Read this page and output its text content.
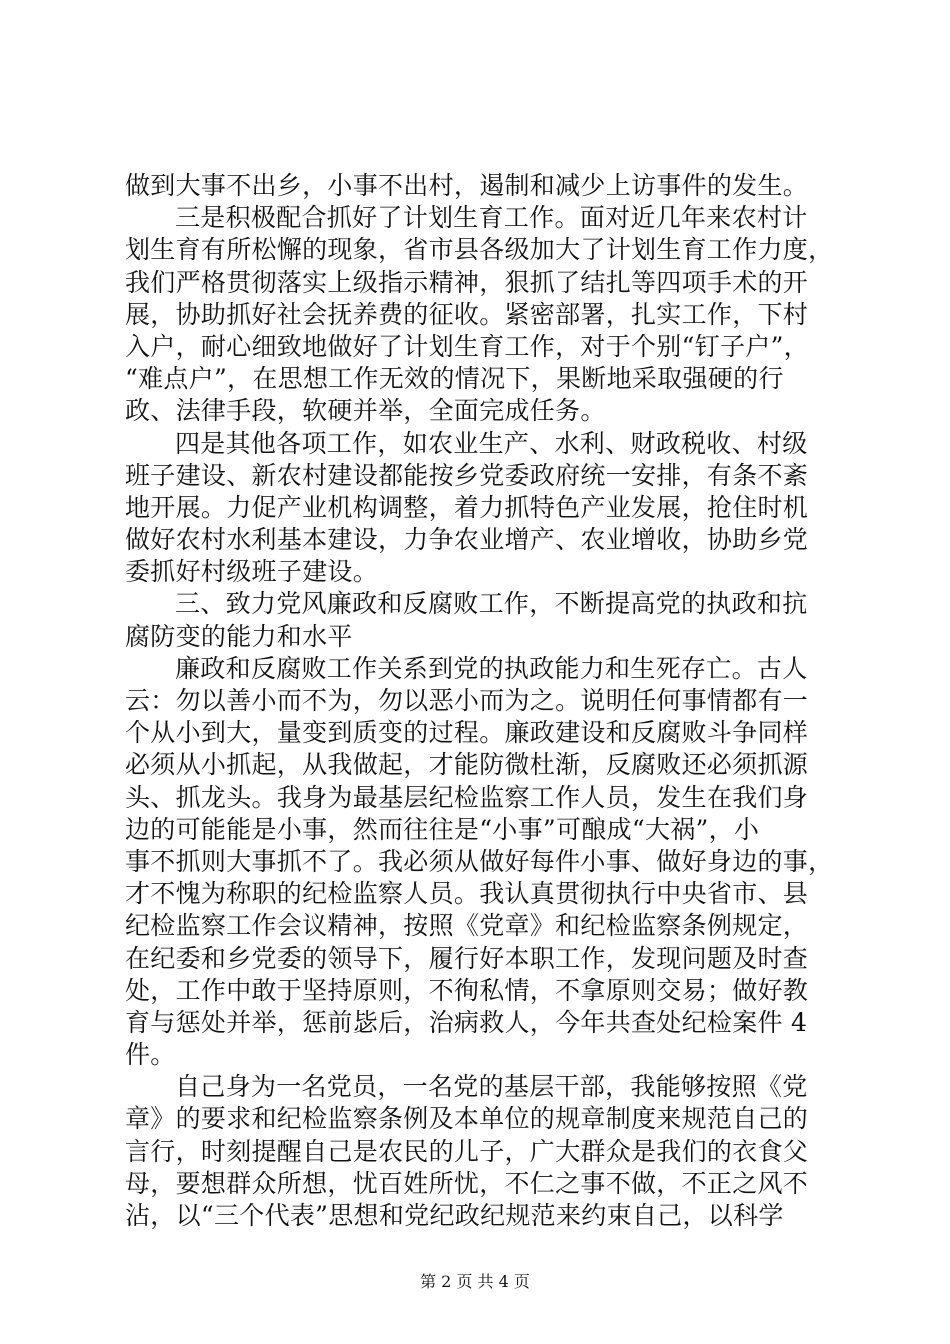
做到大事不出乡，小事不出村，遏制和减少上访事件的发生。
三是积极配合抓好了计划生育工作。面对近几年来农村计
划生育有所松懈的现象，省市县各级加大了计划生育工作力度，
我们严格贯彻落实上级指示精神，狠抓了结扎等四项手术的开
展，协助抓好社会抚养费的征收。紧密部署，扎实工作，下村
入户，耐心细致地做好了计划生育工作，对于个别“钉子户”，
“难点户”，在思想工作无效的情况下，果断地采取强硬的行
政、法律手段，软硬并举，全面完成任务。
四是其他各项工作，如农业生产、水利、财政税收、村级
班子建设、新农村建设都能按乡党委政府统一安排，有条不紊
地开展。力促产业机构调整，着力抓特色产业发展，抢住时机
做好农村水利基本建设，力争农业增产、农业增收，协助乡党
委抓好村级班子建设。
三、致力党风廉政和反腐败工作，不断提高党的执政和抗
腐防变的能力和水平
廉政和反腐败工作关系到党的执政能力和生死存亡。古人
云：勿以善小而不为，勿以恶小而为之。说明任何事情都有一
个从小到大，量变到质变的过程。廉政建设和反腐败斗争同样
必须从小抓起，从我做起，才能防微杜渐，反腐败还必须抓源
头、抓龙头。我身为最基层纪检监察工作人员，发生在我们身
边的可能能是小事，然而往往是“小事”可酿成“大祸”，小
事不抓则大事抓不了。我必须从做好每件小事、做好身边的事，
才不愧为称职的纪检监察人员。我认真贯彻执行中央省市、县
纪检监察工作会议精神，按照《党章》和纪检监察条例规定，
在纪委和乡党委的领导下，履行好本职工作，发现问题及时查
处，工作中敢于坚持原则，不徇私情，不拿原则交易；做好教
育与惩处并举，惩前毖后，治病救人，今年共查处纪检案件 4
件。
自己身为一名党员，一名党的基层干部，我能够按照《党
章》的要求和纪检监察条例及本单位的规章制度来规范自己的
言行，时刻提醒自己是农民的儿子，广大群众是我们的衣食父
母，要想群众所想，忧百姓所忧，不仁之事不做，不正之风不
沾，以“三个代表”思想和党纪政纪规范来约束自己，以科学
第 2 页 共 4 页
